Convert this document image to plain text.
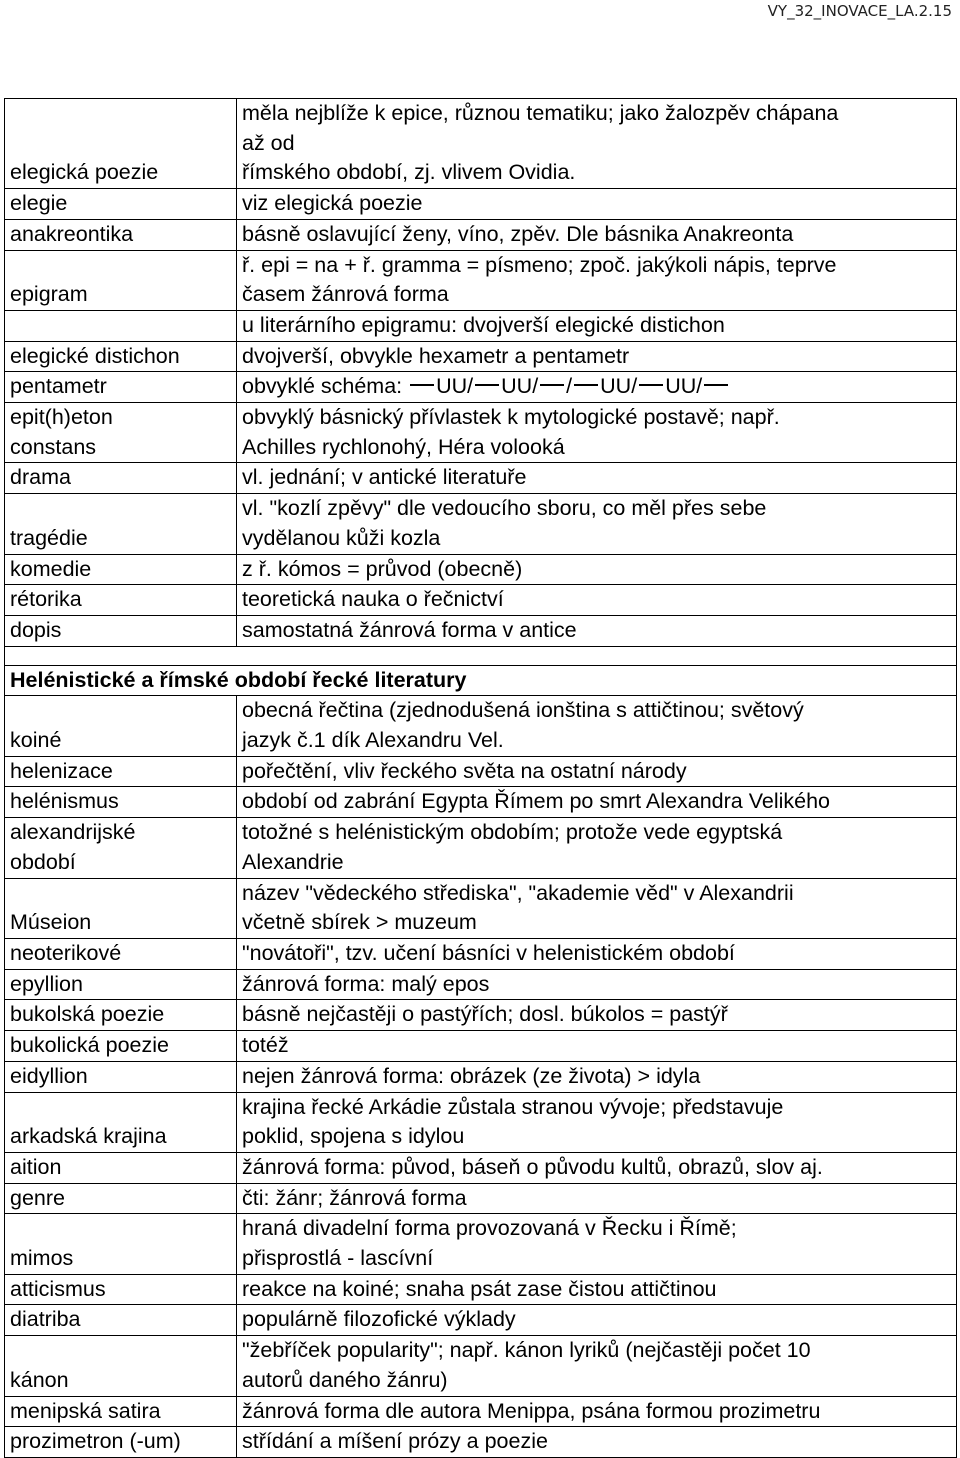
VY_32_INOVACE_LA.2.15
elegická poezie	měla nejblíže k epice, různou tematiku; jako žalozpěv chápana
až od
římského období, zj. vlivem Ovidia.

elegie	viz elegická poezie

anakreontika	básně oslavující ženy, víno, zpěv. Dle básnika Anakreonta

epigram	ř. epi = na + ř. gramma = písmeno; zpoč. jakýkoli nápis, teprve
časem žánrová forma

	u literárního epigramu: dvojverší elegické distichon

elegické distichon	dvojverší, obvykle hexametr a pentametr

pentametr	obvyklé schéma: UU/ UU/ / UU/ UU/

epit(h)eton
constans	obvyklý básnický přívlastek k mytologické postavě; např.
Achilles rychlonohý, Héra volooká

drama	vl. jednání; v antické literatuře

tragédie	vl. "kozlí zpěvy" dle vedoucího sboru, co měl přes sebe
vydělanou kůži kozla

komedie	z ř. kómos = průvod (obecně)

rétorika	teoretická nauka o řečnictví

dopis	samostatná žánrová forma v antice

Helénistické a římské období řecké literatury	

koiné	obecná řečtina (zjednodušená ionština s attičtinou; světový
jazyk č.1 dík Alexandru Vel.

helenizace	pořečtění, vliv řeckého světa na ostatní národy

helénismus	období od zabrání Egypta Římem po smrt Alexandra Velikého

alexandrijské
období	totožné s helénistickým obdobím; protože vede egyptská
Alexandrie

Múseion	název "vědeckého střediska", "akademie věd" v Alexandrii
včetně sbírek > muzeum

neoterikové	"novátoři", tzv. učení básníci v helenistickém období

epyllion	žánrová forma: malý epos

bukolská poezie	básně nejčastěji o pastýřích; dosl. búkolos = pastýř

bukolická poezie	totéž

eidyllion	nejen žánrová forma: obrázek (ze života) > idyla

arkadská krajina	krajina řecké Arkádie zůstala stranou vývoje; představuje
poklid, spojena s idylou

aition	žánrová forma: původ, báseň o původu kultů, obrazů, slov aj.

genre	čti: žánr; žánrová forma

mimos	hraná divadelní forma provozovaná v Řecku i Římě;
přisprostlá - lascívní

atticismus	reakce na koiné; snaha psát zase čistou attičtinou

diatriba	populárně filozofické výklady

kánon	"žebříček popularity"; např. kánon lyriků (nejčastěji počet 10
autorů daného žánru)

menipská satira	žánrová forma dle autora Menippa, psána formou prozimetru

prozimetron (-um)	střídání a míšení prózy a poezie
